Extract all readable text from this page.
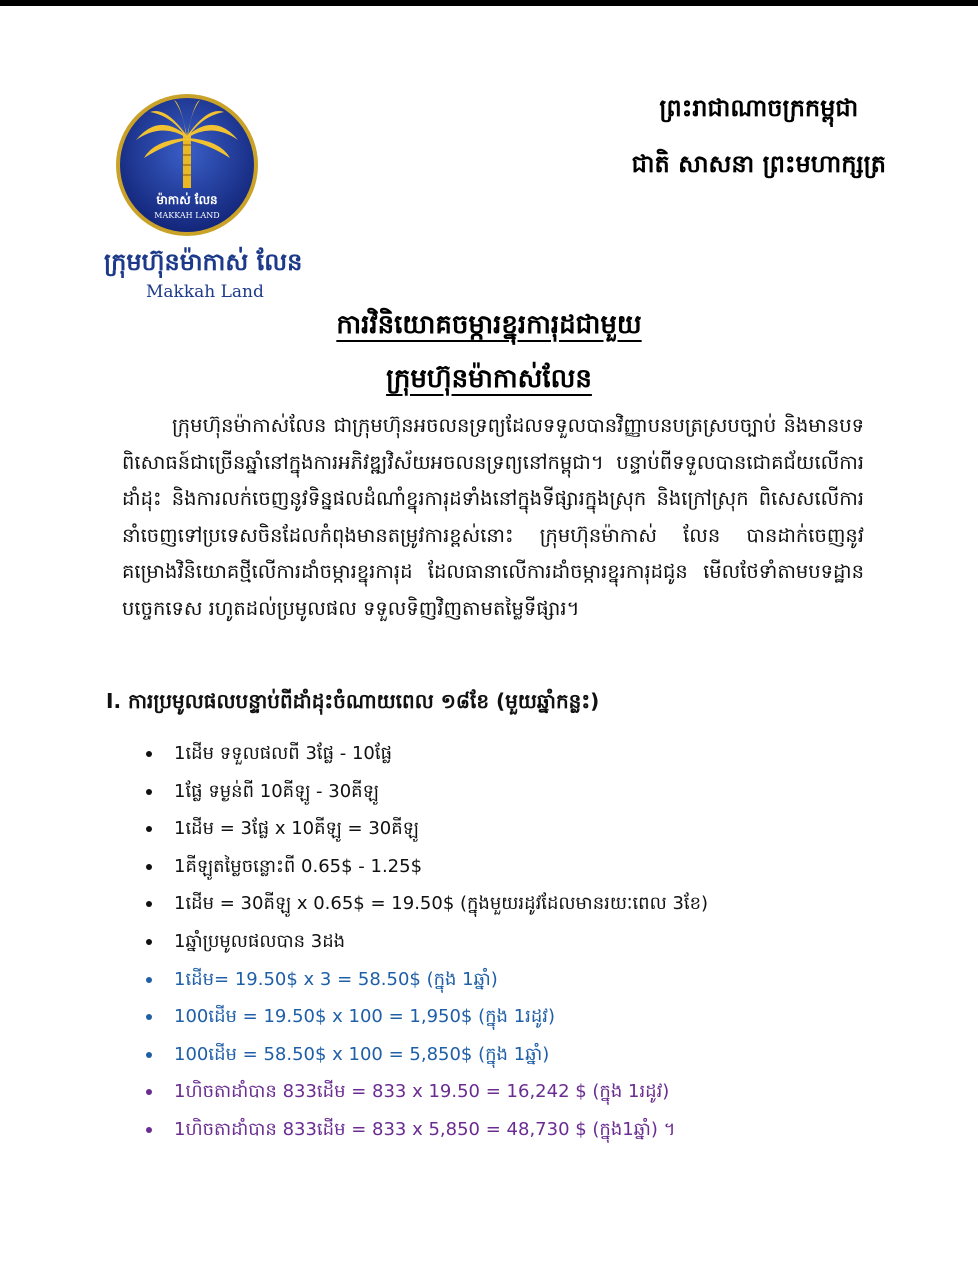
ម៉ាកាស់ លែន
MAKKAH LAND
ក្រុមហ៊ុនម៉ាកាស់ លែន
Makkah Land
ព្រះរាជាណាចក្រកម្ពុជា
ជាតិ សាសនា ព្រះមហាក្សត្រ
ការវិនិយោគចម្ការខ្នុរការុដជាមួយ
ក្រុមហ៊ុនម៉ាកាស់លែន
ក្រុមហ៊ុនម៉ាកាស់លែន ជាក្រុមហ៊ុនអចលនទ្រព្យដែលទទួលបានវិញ្ញាបនបត្រស្របច្បាប់ និងមានបទពិសោធន៍ជាច្រើនឆ្នាំនៅក្នុងការអភិវឌ្ឍវិស័យអចលនទ្រព្យនៅកម្ពុជា។ បន្ទាប់ពីទទួលបានជោគជ័យលើការដាំដុះ និងការលក់ចេញនូវទិន្នផលដំណាំខ្នុរការុដទាំងនៅក្នុងទីផ្សារក្នុងស្រុក និងក្រៅស្រុក ពិសេសលើការនាំចេញទៅប្រទេសចិនដែលកំពុងមានតម្រូវការខ្ពស់នោះ ក្រុមហ៊ុនម៉ាកាស់ លែន បានដាក់ចេញនូវគម្រោងវិនិយោគថ្មីលើការដាំចម្ការខ្នុរការុដ ដែលធានាលើការដាំចម្ការខ្នុរការុដជូន មើលថែទាំតាមបទដ្ឋានបច្ចេកទេស រហូតដល់ប្រមូលផល ទទួលទិញវិញតាមតម្លៃទីផ្សារ។
I. ការប្រមូលផលបន្ទាប់ពីដាំដុះចំណាយពេល ១៨ខែ (មួយឆ្នាំកន្លះ)
1ដើម ទទួលផលពី 3ផ្លែ - 10ផ្លែ
1ផ្លែ ទម្ងន់ពី 10គីឡូ - 30គីឡូ
1ដើម = 3ផ្លែ x 10គីឡូ = 30គីឡូ
1គីឡូតម្លៃចន្លោះពី 0.65$ - 1.25$
1ដើម = 30គីឡូ x 0.65$ = 19.50$ (ក្នុងមួយរដូវដែលមានរយៈពេល 3ខែ)
1ឆ្នាំប្រមូលផលបាន 3ដង
1ដើម= 19.50$ x 3 = 58.50$ (ក្នុង 1ឆ្នាំ)
100ដើម = 19.50$ x 100 = 1,950$ (ក្នុង 1រដូវ)
100ដើម = 58.50$ x 100 = 5,850$ (ក្នុង 1ឆ្នាំ)
1ហិចតាដាំបាន 833ដើម = 833 x 19.50 = 16,242 $ (ក្នុង 1រដូវ)
1ហិចតាដាំបាន 833ដើម = 833 x 5,850 = 48,730 $ (ក្នុង1ឆ្នាំ) ។
